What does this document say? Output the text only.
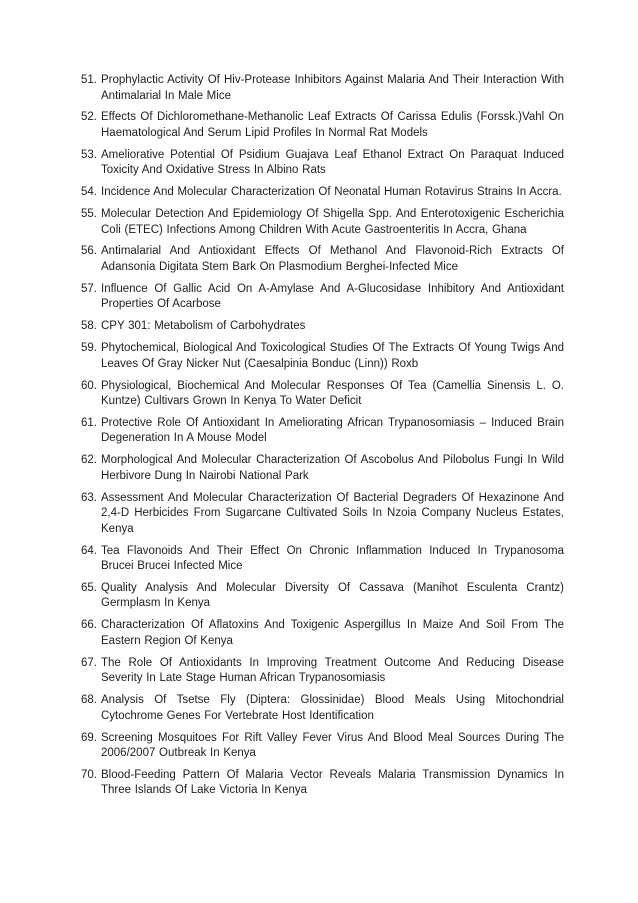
51. Prophylactic Activity Of Hiv-Protease Inhibitors Against Malaria And Their Interaction With Antimalarial In Male Mice
52. Effects Of Dichloromethane-Methanolic Leaf Extracts Of Carissa Edulis (Forssk.)Vahl On Haematological And Serum Lipid Profiles In Normal Rat Models
53. Ameliorative Potential Of Psidium Guajava Leaf Ethanol Extract On Paraquat Induced Toxicity And Oxidative Stress In Albino Rats
54. Incidence And Molecular Characterization Of Neonatal Human Rotavirus Strains In Accra.
55. Molecular Detection And Epidemiology Of Shigella Spp. And Enterotoxigenic Escherichia Coli (ETEC) Infections Among Children With Acute Gastroenteritis In Accra, Ghana
56. Antimalarial And Antioxidant Effects Of Methanol And Flavonoid-Rich Extracts Of Adansonia Digitata Stem Bark On Plasmodium Berghei-Infected Mice
57. Influence Of Gallic Acid On A-Amylase And A-Glucosidase Inhibitory And Antioxidant Properties Of Acarbose
58. CPY 301: Metabolism of Carbohydrates
59. Phytochemical, Biological And Toxicological Studies Of The Extracts Of Young Twigs And Leaves Of Gray Nicker Nut (Caesalpinia Bonduc (Linn)) Roxb
60. Physiological, Biochemical And Molecular Responses Of Tea (Camellia Sinensis L. O. Kuntze) Cultivars Grown In Kenya To Water Deficit
61. Protective Role Of Antioxidant In Ameliorating African Trypanosomiasis – Induced Brain Degeneration In A Mouse Model
62. Morphological And Molecular Characterization Of Ascobolus And Pilobolus Fungi In Wild Herbivore Dung In Nairobi National Park
63. Assessment And Molecular Characterization Of Bacterial Degraders Of Hexazinone And 2,4-D Herbicides From Sugarcane Cultivated Soils In Nzoia Company Nucleus Estates, Kenya
64. Tea Flavonoids And Their Effect On Chronic Inflammation Induced In Trypanosoma Brucei Brucei Infected Mice
65. Quality Analysis And Molecular Diversity Of Cassava (Manihot Esculenta Crantz) Germplasm In Kenya
66. Characterization Of Aflatoxins And Toxigenic Aspergillus In Maize And Soil From The Eastern Region Of Kenya
67. The Role Of Antioxidants In Improving Treatment Outcome And Reducing Disease Severity In Late Stage Human African Trypanosomiasis
68. Analysis Of Tsetse Fly (Diptera: Glossinidae) Blood Meals Using Mitochondrial Cytochrome Genes For Vertebrate Host Identification
69. Screening Mosquitoes For Rift Valley Fever Virus And Blood Meal Sources During The 2006/2007 Outbreak In Kenya
70. Blood-Feeding Pattern Of Malaria Vector Reveals Malaria Transmission Dynamics In Three Islands Of Lake Victoria In Kenya
